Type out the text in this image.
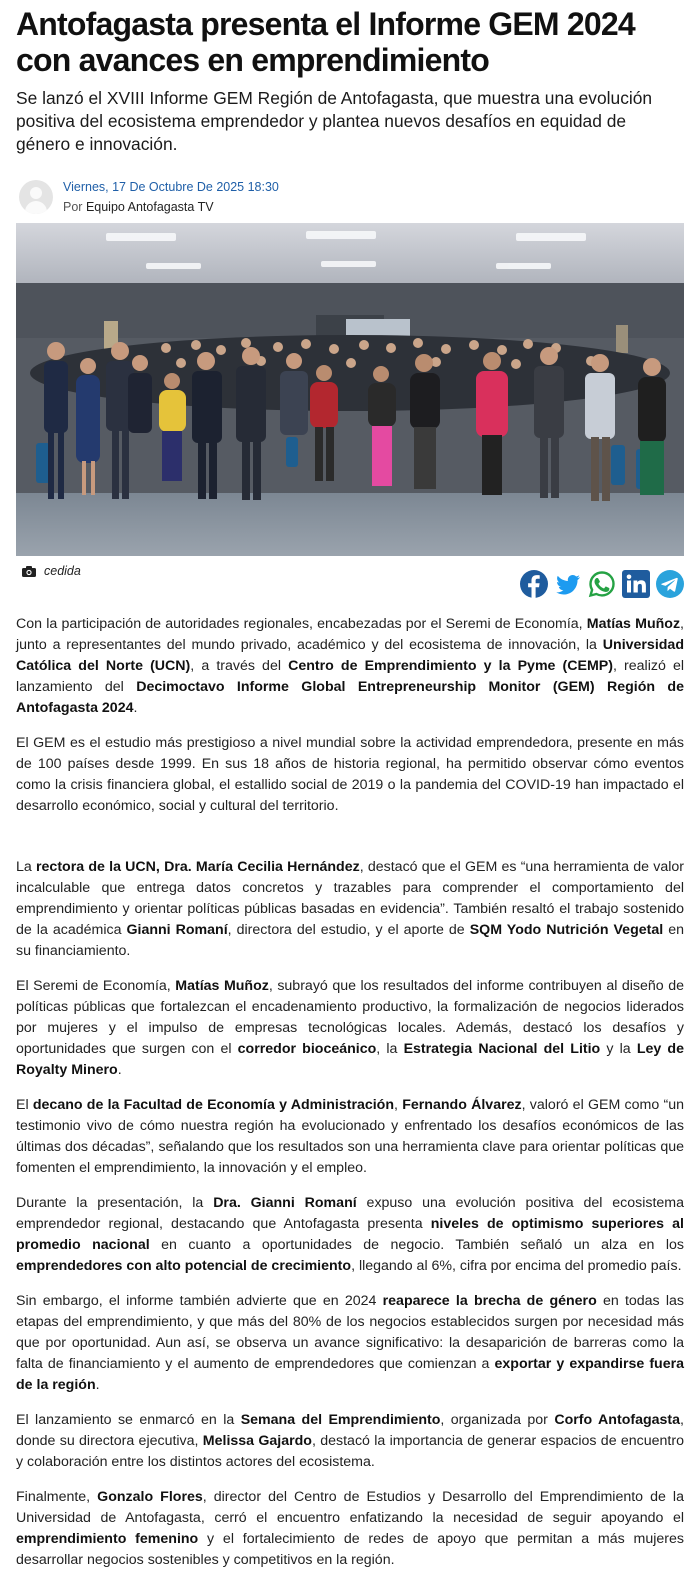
Antofagasta presenta el Informe GEM 2024 con avances en emprendimiento

Se lanzó el XVIII Informe GEM Región de Antofagasta, que muestra una evolución positiva del ecosistema emprendedor y plantea nuevos desafíos en equidad de género e innovación.

Viernes, 17 De Octubre De 2025 18:30
Por Equipo Antofagasta TV
cedida

Con la participación de autoridades regionales, encabezadas por el Seremi de Economía, Matías Muñoz, junto a representantes del mundo privado, académico y del ecosistema de innovación, la Universidad Católica del Norte (UCN), a través del Centro de Emprendimiento y la Pyme (CEMP), realizó el lanzamiento del Decimoctavo Informe Global Entrepreneurship Monitor (GEM) Región de Antofagasta 2024.

El GEM es el estudio más prestigioso a nivel mundial sobre la actividad emprendedora, presente en más de 100 países desde 1999. En sus 18 años de historia regional, ha permitido observar cómo eventos como la crisis financiera global, el estallido social de 2019 o la pandemia del COVID-19 han impactado el desarrollo económico, social y cultural del territorio.

La rectora de la UCN, Dra. María Cecilia Hernández, destacó que el GEM es “una herramienta de valor incalculable que entrega datos concretos y trazables para comprender el comportamiento del emprendimiento y orientar políticas públicas basadas en evidencia”. También resaltó el trabajo sostenido de la académica Gianni Romaní, directora del estudio, y el aporte de SQM Yodo Nutrición Vegetal en su financiamiento.

El Seremi de Economía, Matías Muñoz, subrayó que los resultados del informe contribuyen al diseño de políticas públicas que fortalezcan el encadenamiento productivo, la formalización de negocios liderados por mujeres y el impulso de empresas tecnológicas locales. Además, destacó los desafíos y oportunidades que surgen con el corredor bioceánico, la Estrategia Nacional del Litio y la Ley de Royalty Minero.

El decano de la Facultad de Economía y Administración, Fernando Álvarez, valoró el GEM como “un testimonio vivo de cómo nuestra región ha evolucionado y enfrentado los desafíos económicos de las últimas dos décadas”, señalando que los resultados son una herramienta clave para orientar políticas que fomenten el emprendimiento, la innovación y el empleo.

Durante la presentación, la Dra. Gianni Romaní expuso una evolución positiva del ecosistema emprendedor regional, destacando que Antofagasta presenta niveles de optimismo superiores al promedio nacional en cuanto a oportunidades de negocio. También señaló un alza en los emprendedores con alto potencial de crecimiento, llegando al 6%, cifra por encima del promedio país.

Sin embargo, el informe también advierte que en 2024 reaparece la brecha de género en todas las etapas del emprendimiento, y que más del 80% de los negocios establecidos surgen por necesidad más que por oportunidad. Aun así, se observa un avance significativo: la desaparición de barreras como la falta de financiamiento y el aumento de emprendedores que comienzan a exportar y expandirse fuera de la región.

El lanzamiento se enmarcó en la Semana del Emprendimiento, organizada por Corfo Antofagasta, donde su directora ejecutiva, Melissa Gajardo, destacó la importancia de generar espacios de encuentro y colaboración entre los distintos actores del ecosistema.

Finalmente, Gonzalo Flores, director del Centro de Estudios y Desarrollo del Emprendimiento de la Universidad de Antofagasta, cerró el encuentro enfatizando la necesidad de seguir apoyando el emprendimiento femenino y el fortalecimiento de redes de apoyo que permitan a más mujeres desarrollar negocios sostenibles y competitivos en la región.
